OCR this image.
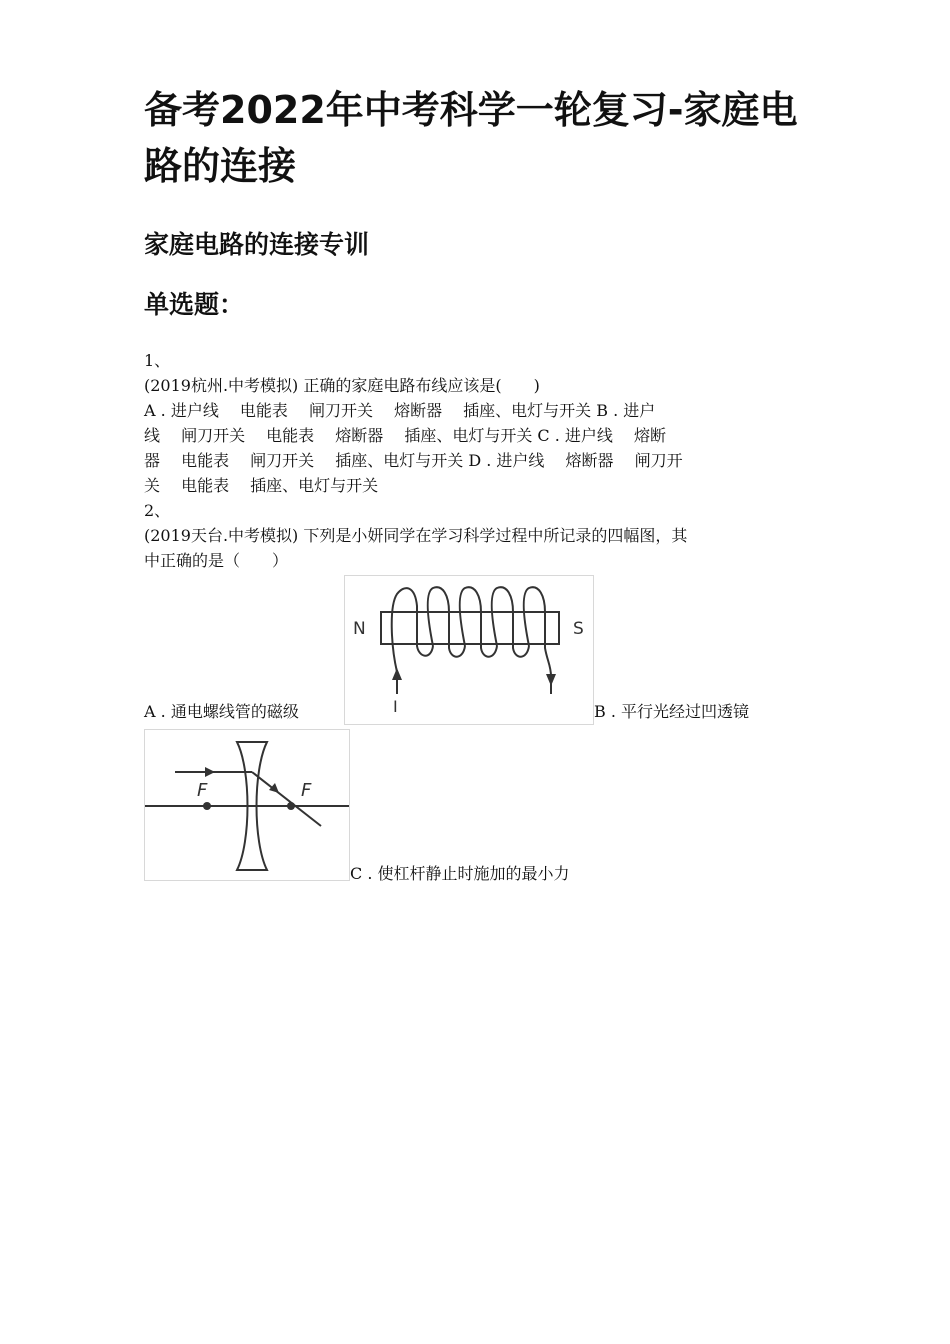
备考2022年中考科学一轮复习-家庭电
路的连接
家庭电路的连接专训
单选题：
1、
(2019杭州.中考模拟) 正确的家庭电路布线应该是(　　)
A . 进户线　 电能表　 闸刀开关　 熔断器　 插座、电灯与开关 B . 进户
线　 闸刀开关　 电能表　 熔断器　 插座、电灯与开关 C . 进户线　 熔断
器　 电能表　 闸刀开关　 插座、电灯与开关 D . 进户线　 熔断器　 闸刀开
关　 电能表　 插座、电灯与开关
2、
(2019天台.中考模拟) 下列是小妍同学在学习科学过程中所记录的四幅图，其
中正确的是（　　）
A . 通电螺线管的磁级
N	S
I	B . 平行光经过凹透镜
F	F
C . 使杠杆静止时施加的最小力
